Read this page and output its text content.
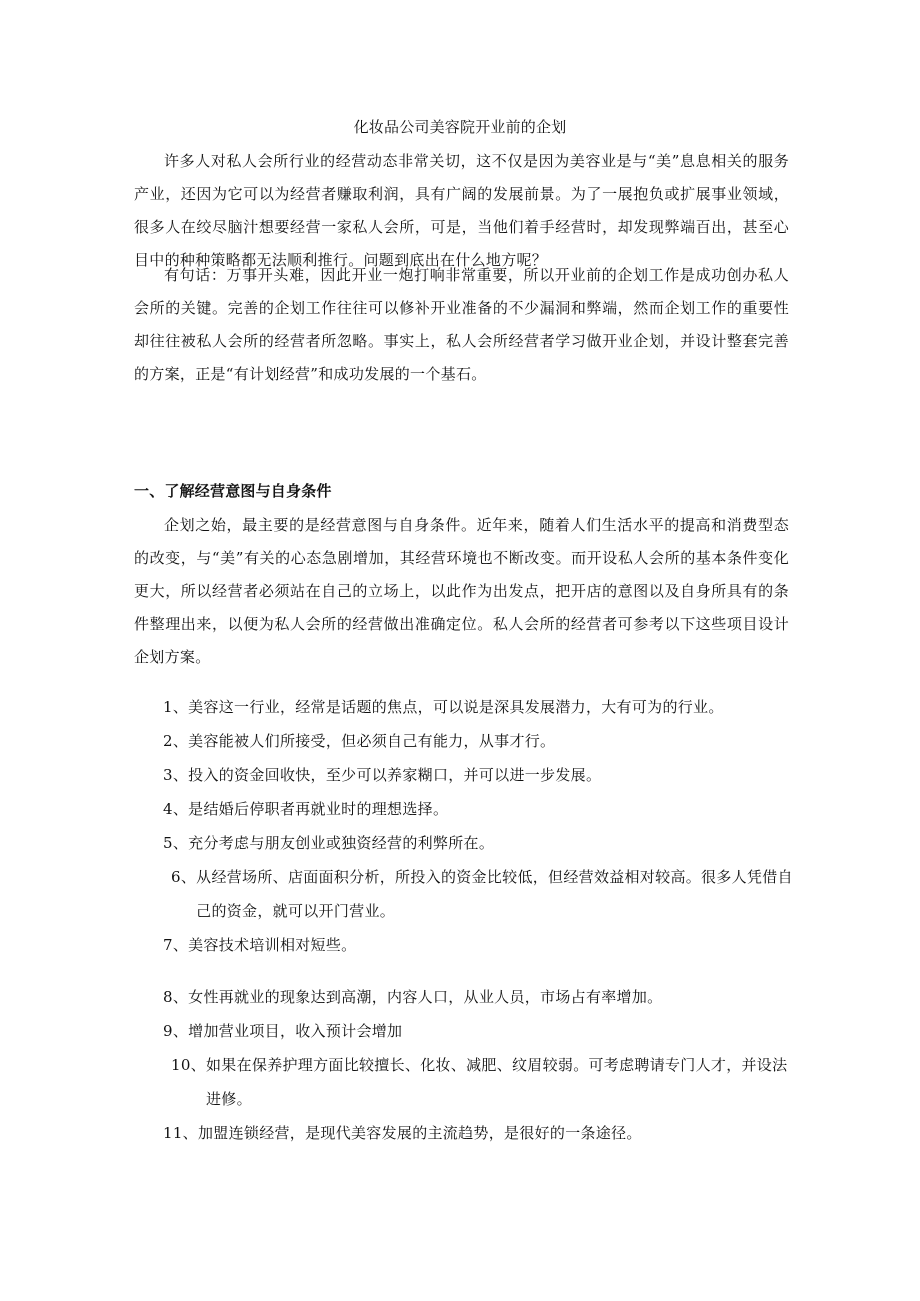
化妆品公司美容院开业前的企划

许多人对私人会所行业的经营动态非常关切，这不仅是因为美容业是与“美”息息相关的服务产业，还因为它可以为经营者赚取利润，具有广阔的发展前景。为了一展抱负或扩展事业领域，很多人在绞尽脑汁想要经营一家私人会所，可是，当他们着手经营时，却发现弊端百出，甚至心目中的种种策略都无法顺利推行。问题到底出在什么地方呢？

有句话：万事开头难，因此开业一炮打响非常重要，所以开业前的企划工作是成功创办私人会所的关键。完善的企划工作往往可以修补开业准备的不少漏洞和弊端，然而企划工作的重要性却往往被私人会所的经营者所忽略。事实上，私人会所经营者学习做开业企划，并设计整套完善的方案，正是“有计划经营”和成功发展的一个基石。

一、了解经营意图与自身条件

企划之始，最主要的是经营意图与自身条件。近年来，随着人们生活水平的提高和消费型态的改变，与“美”有关的心态急剧增加，其经营环境也不断改变。而开设私人会所的基本条件变化更大，所以经营者必须站在自己的立场上，以此作为出发点，把开店的意图以及自身所具有的条件整理出来，以便为私人会所的经营做出准确定位。私人会所的经营者可参考以下这些项目设计企划方案。

1、 美容这一行业，经常是话题的焦点，可以说是深具发展潜力，大有可为的行业。
2、 美容能被人们所接受，但必须自己有能力，从事才行。
3、 投入的资金回收快，至少可以养家糊口，并可以进一步发展。
4、 是结婚后停职者再就业时的理想选择。
5、 充分考虑与朋友创业或独资经营的利弊所在。
6、 从经营场所、店面面积分析，所投入的资金比较低，但经营效益相对较高。很多人凭借自己的资金，就可以开门营业。
7、 美容技术培训相对短些。
8、 女性再就业的现象达到高潮，内容人口，从业人员，市场占有率增加。
9、 增加营业项目，收入预计会增加
10、 如果在保养护理方面比较擅长、化妆、减肥、纹眉较弱。可考虑聘请专门人才，并设法进修。
11、 加盟连锁经营，是现代美容发展的主流趋势，是很好的一条途径。
